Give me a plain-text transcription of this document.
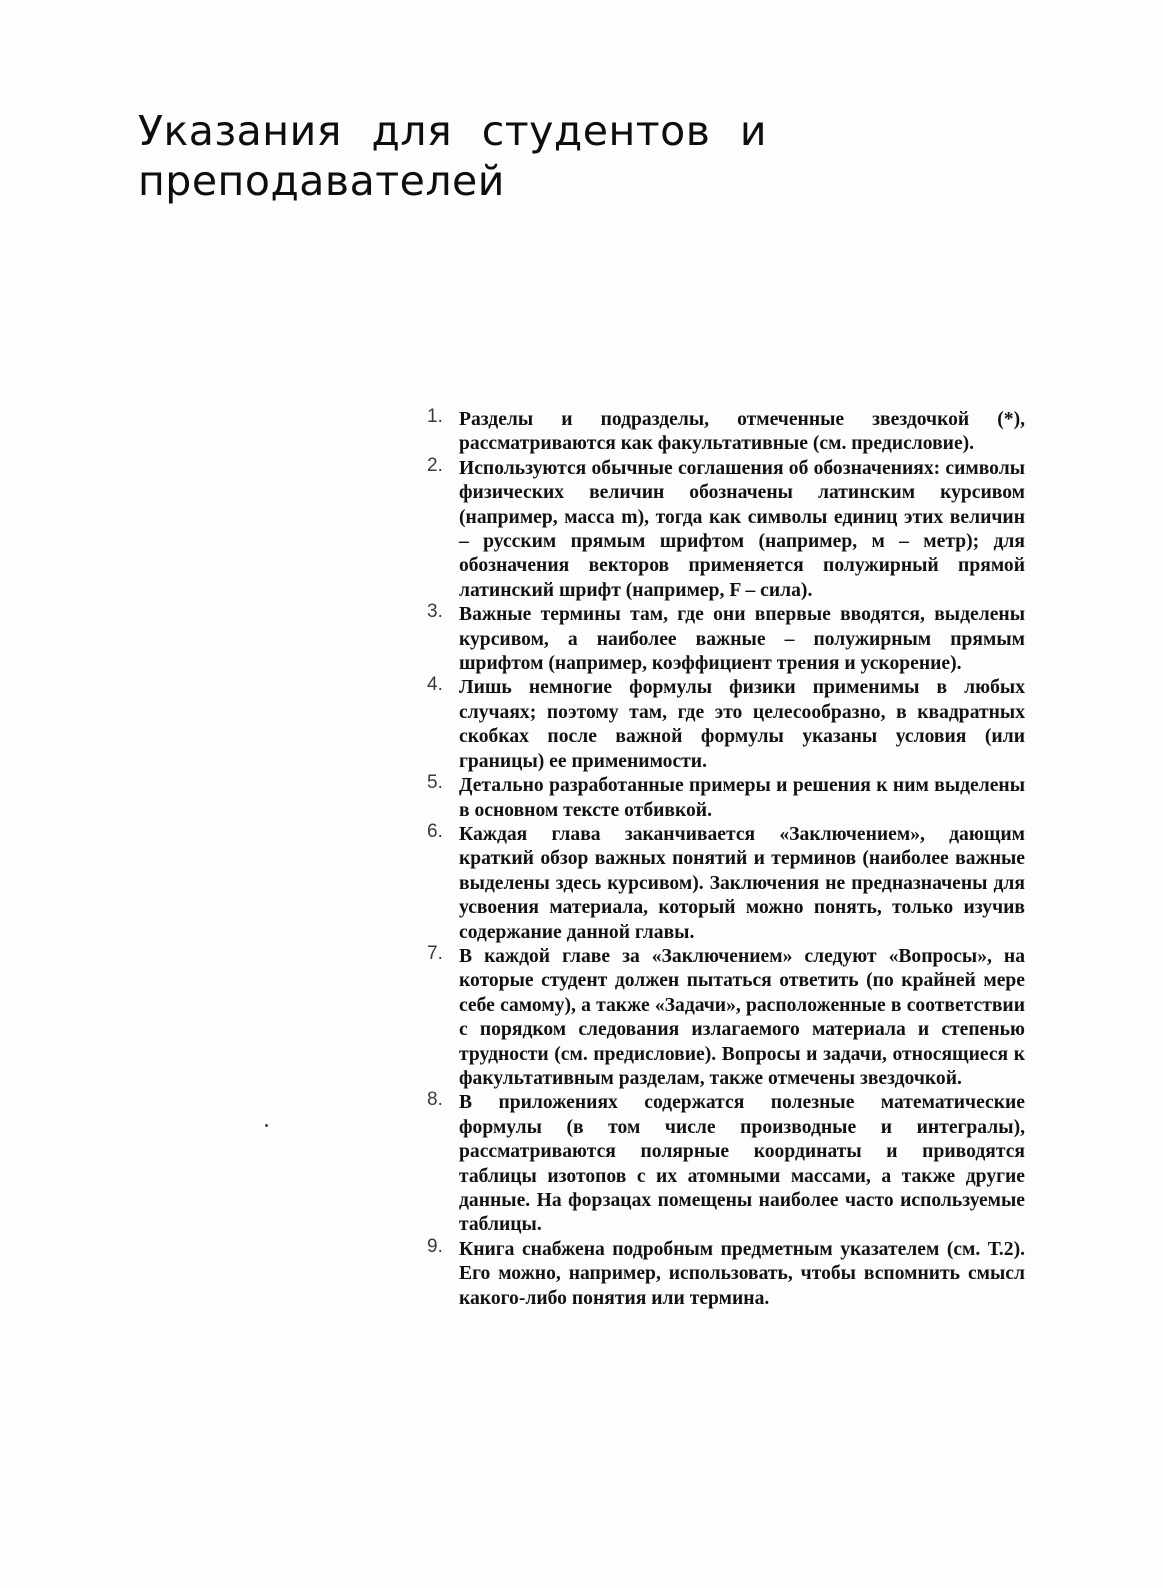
Указания для студентов и
преподавателей
1. Разделы и подразделы, отмеченные звездочкой (*), рассматриваются как факультативные (см. предисловие).
2. Используются обычные соглашения об обозначениях: символы физических величин обозначены латинским курсивом (например, масса m), тогда как символы единиц этих величин – русским прямым шрифтом (например, м – метр); для обозначения векторов применяется полужирный прямой латинский шрифт (например, F – сила).
3. Важные термины там, где они впервые вводятся, выделены курсивом, а наиболее важные – полужирным прямым шрифтом (например, коэффициент трения и ускорение).
4. Лишь немногие формулы физики применимы в любых случаях; поэтому там, где это целесообразно, в квадратных скобках после важной формулы указаны условия (или границы) ее применимости.
5. Детально разработанные примеры и решения к ним выделены в основном тексте отбивкой.
6. Каждая глава заканчивается «Заключением», дающим краткий обзор важных понятий и терминов (наиболее важные выделены здесь курсивом). Заключения не предназначены для усвоения материала, который можно понять, только изучив содержание данной главы.
7. В каждой главе за «Заключением» следуют «Вопросы», на которые студент должен пытаться ответить (по крайней мере себе самому), а также «Задачи», расположенные в соответствии с порядком следования излагаемого материала и степенью трудности (см. предисловие). Вопросы и задачи, относящиеся к факультативным разделам, также отмечены звездочкой.
8. В приложениях содержатся полезные математические формулы (в том числе производные и интегралы), рассматриваются полярные координаты и приводятся таблицы изотопов с их атомными массами, а также другие данные. На форзацах помещены наиболее часто используемые таблицы.
9. Книга снабжена подробным предметным указателем (см. Т.2). Его можно, например, использовать, чтобы вспомнить смысл какого-либо понятия или термина.
